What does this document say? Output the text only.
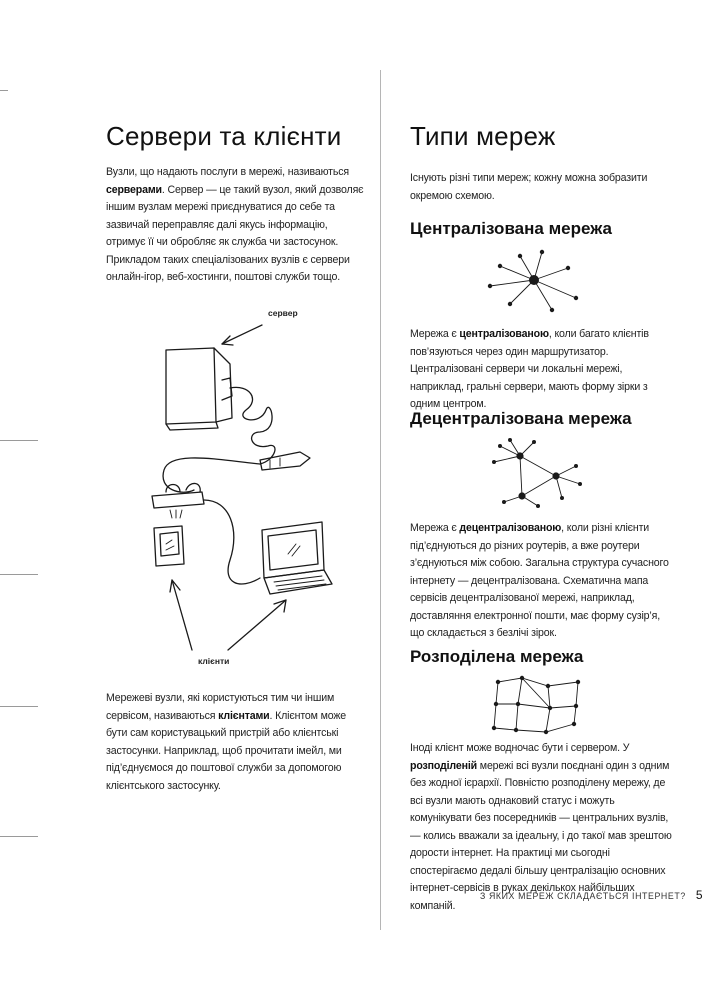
Сервери та клієнти

Вузли, що надають послуги в мережі, називаються серверами. Сервер — це такий вузол, який дозволяє іншим вузлам мережі приєднуватися до себе та зазвичай переправляє далі якусь інформацію, отримує її чи обробляє як служба чи застосунок. Прикладом таких спеціалізованих вузлів є сервери онлайн-ігор, веб-хостинги, поштові служби тощо.

сервер
клієнти

Мережеві вузли, які користуються тим чи іншим сервісом, називаються клієнтами. Клієнтом може бути сам користувацький пристрій або клієнтські застосунки. Наприклад, щоб прочитати імейл, ми під’єднуємося до поштової служби за допомогою клієнтського застосунку.

Типи мереж

Існують різні типи мереж; кожну можна зобразити окремою схемою.

Централізована мережа

Мережа є централізованою, коли багато клієнтів пов’язуються через один маршрутизатор. Централізовані сервери чи локальні мережі, наприклад, гральні сервери, мають форму зірки з одним центром.

Децентралізована мережа

Мережа є децентралізованою, коли різні клієнти під’єднуються до різних роутерів, а вже роутери з’єднуються між собою. Загальна структура сучасного інтернету — децентралізована. Схематична мапа сервісів децентралізованої мережі, наприклад, доставляння електронної пошти, має форму сузір’я, що складається з безлічі зірок.

Розподілена мережа

Іноді клієнт може водночас бути і сервером. У розподіленій мережі всі вузли поєднані один з одним без жодної ієрархії. Повністю розподілену мережу, де всі вузли мають однаковий статус і можуть комунікувати без посередників — центральних вузлів, — колись вважали за ідеальну, і до такої мав зрештою дорости інтернет. На практиці ми сьогодні спостерігаємо дедалі більшу централізацію основних інтернет-сервісів в руках декількох найбільших компаній.

З ЯКИХ МЕРЕЖ СКЛАДАЄТЬСЯ ІНТЕРНЕТ? 5
